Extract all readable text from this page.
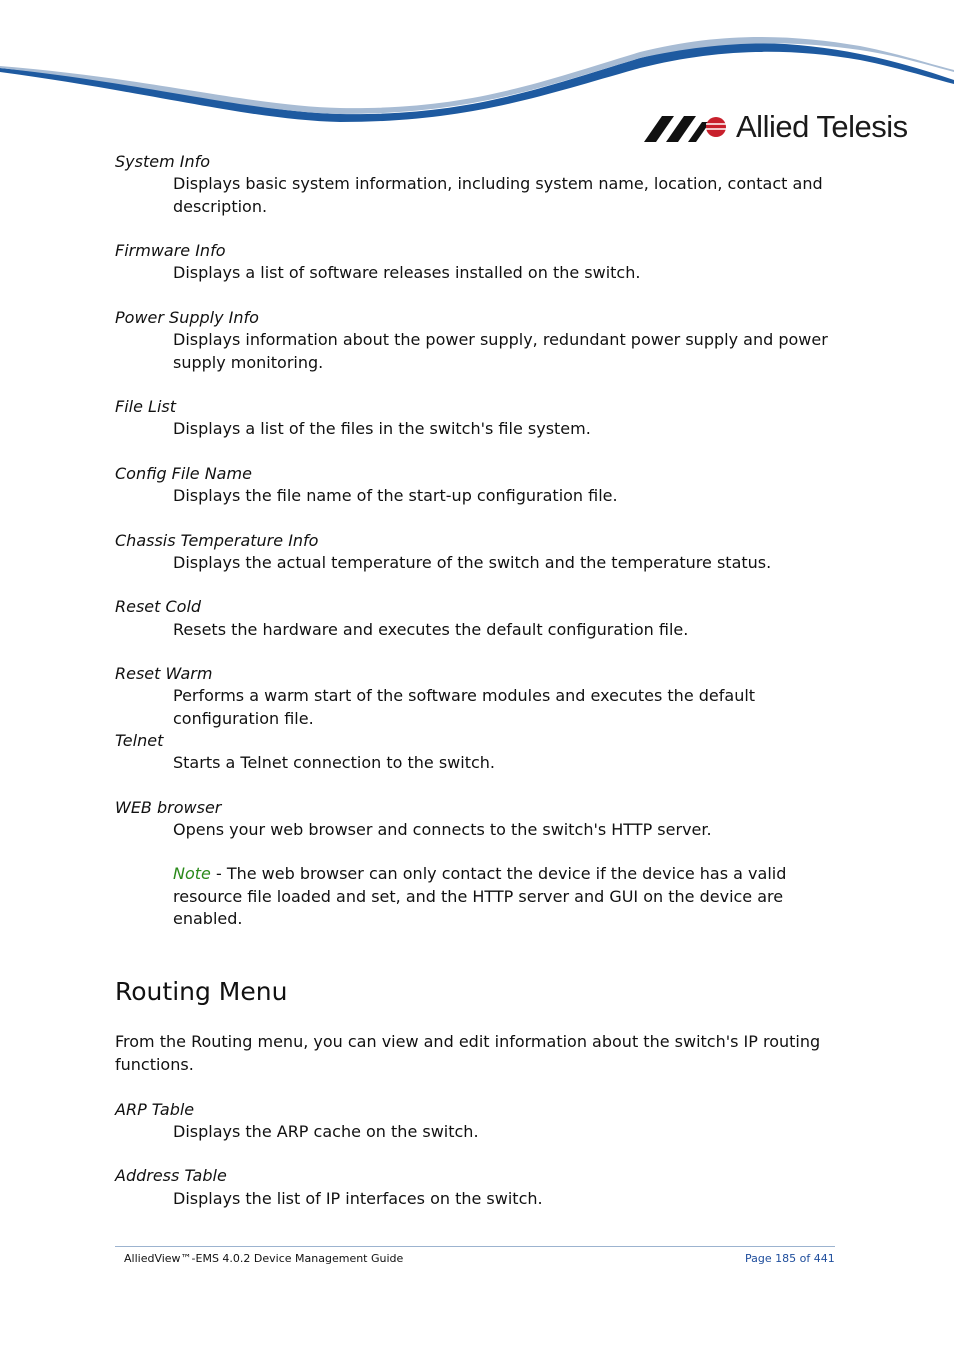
Allied Telesis
System Info
Displays basic system information, including system name, location, contact and description.
Firmware Info
Displays a list of software releases installed on the switch.
Power Supply Info
Displays information about the power supply, redundant power supply and power supply monitoring.
File List
Displays a list of the files in the switch's file system.
Config File Name
Displays the file name of the start-up configuration file.
Chassis Temperature Info
Displays the actual temperature of the switch and the temperature status.
Reset Cold
Resets the hardware and executes the default configuration file.
Reset Warm
Performs a warm start of the software modules and executes the default configuration file.
Telnet
Starts a Telnet connection to the switch.
WEB browser
Opens your web browser and connects to the switch's HTTP server.
Note - The web browser can only contact the device if the device has a valid resource file loaded and set, and the HTTP server and GUI on the device are enabled.
Routing Menu
From the Routing menu, you can view and edit information about the switch's IP routing functions.
ARP Table
Displays the ARP cache on the switch.
Address Table
Displays the list of IP interfaces on the switch.
AlliedView™-EMS 4.0.2 Device Management Guide	Page 185 of 441
